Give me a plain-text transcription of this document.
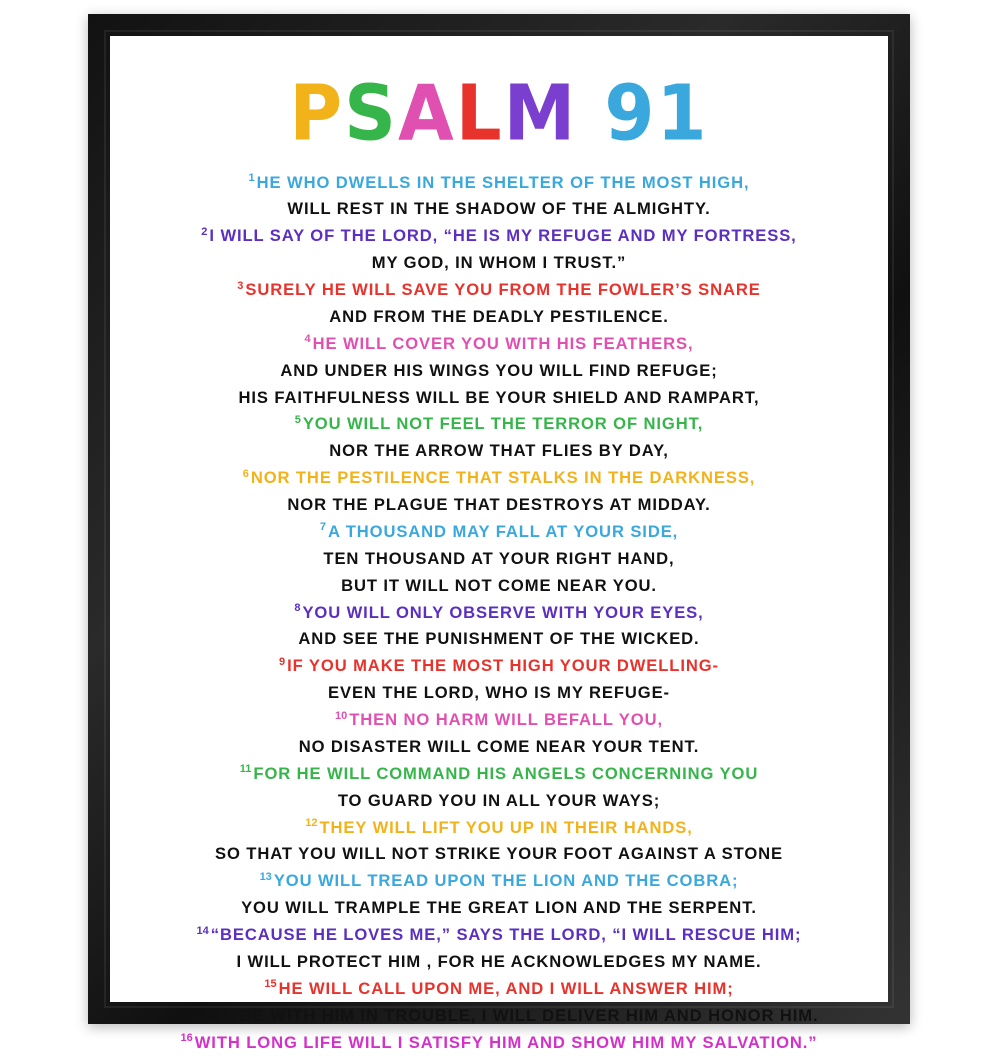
PSALM 91
$^1$ HE WHO DWELLS IN THE SHELTER OF THE MOST HIGH,
WILL REST IN THE SHADOW OF THE ALMIGHTY.
$^2$ I WILL SAY OF THE LORD, “HE IS MY REFUGE AND MY FORTRESS,
MY GOD, IN WHOM I TRUST.”
$^3$ SURELY HE WILL SAVE YOU FROM THE FOWLER’S SNARE
AND FROM THE DEADLY PESTILENCE.
$^4$ HE WILL COVER YOU WITH HIS FEATHERS,
AND UNDER HIS WINGS YOU WILL FIND REFUGE;
HIS FAITHFULNESS WILL BE YOUR SHIELD AND RAMPART,
$^5$ YOU WILL NOT FEEL THE TERROR OF NIGHT,
NOR THE ARROW THAT FLIES BY DAY,
$^6$ NOR THE PESTILENCE THAT STALKS IN THE DARKNESS,
NOR THE PLAGUE THAT DESTROYS AT MIDDAY.
$^7$ A THOUSAND MAY FALL AT YOUR SIDE,
TEN THOUSAND AT YOUR RIGHT HAND,
BUT IT WILL NOT COME NEAR YOU.
$^8$ YOU WILL ONLY OBSERVE WITH YOUR EYES,
AND SEE THE PUNISHMENT OF THE WICKED.
$^9$ IF YOU MAKE THE MOST HIGH YOUR DWELLING-
EVEN THE LORD, WHO IS MY REFUGE-
$^{10}$ THEN NO HARM WILL BEFALL YOU,
NO DISASTER WILL COME NEAR YOUR TENT.
$^{11}$ FOR HE WILL COMMAND HIS ANGELS CONCERNING YOU
TO GUARD YOU IN ALL YOUR WAYS;
$^{12}$ THEY WILL LIFT YOU UP IN THEIR HANDS,
SO THAT YOU WILL NOT STRIKE YOUR FOOT AGAINST A STONE
$^{13}$ YOU WILL TREAD UPON THE LION AND THE COBRA;
YOU WILL TRAMPLE THE GREAT LION AND THE SERPENT.
$^{14}$ “BECAUSE HE LOVES ME,” SAYS THE LORD, “I WILL RESCUE HIM;
I WILL PROTECT HIM , FOR HE ACKNOWLEDGES MY NAME.
$^{15}$ HE WILL CALL UPON ME, AND I WILL ANSWER HIM;
I WILL BE WITH HIM IN TROUBLE, I WILL DELIVER HIM AND HONOR HIM.
$^{16}$ WITH LONG LIFE WILL I SATISFY HIM AND SHOW HIM MY SALVATION.”
